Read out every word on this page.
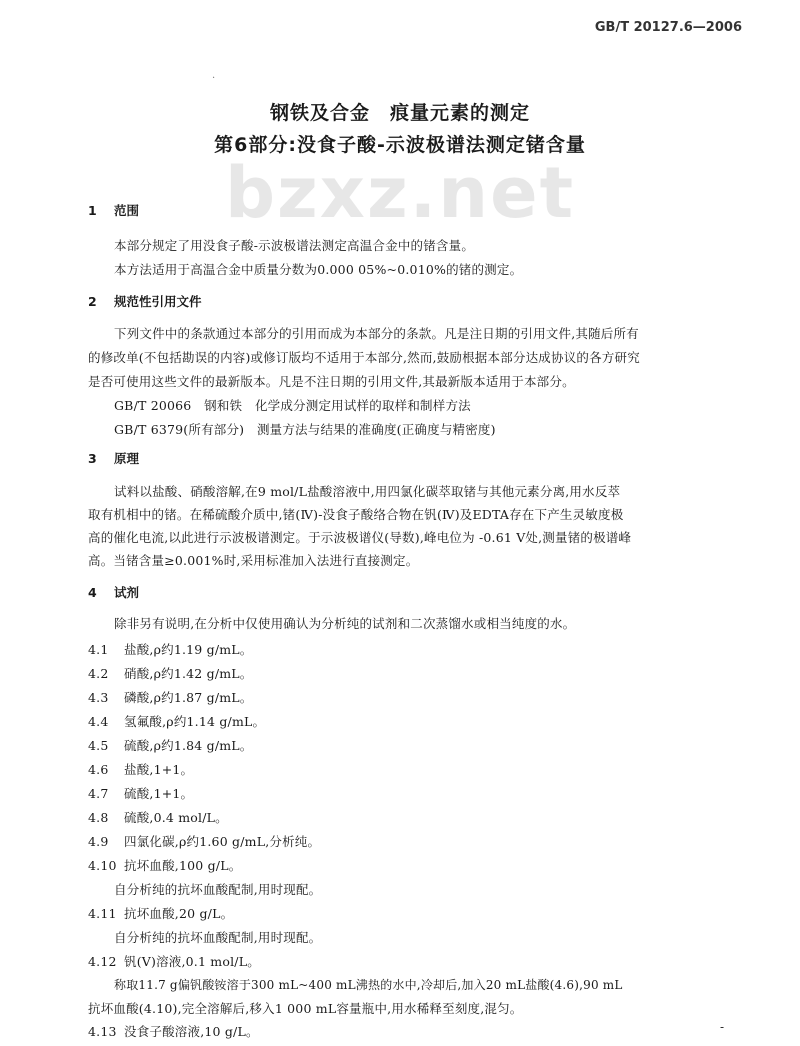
GB/T 20127.6—2006
.
bzxz.net
钢铁及合金　痕量元素的测定
第6部分:没食子酸-示波极谱法测定锗含量
1 范围
本部分规定了用没食子酸-示波极谱法测定高温合金中的锗含量。
本方法适用于高温合金中质量分数为0.000 05%~0.010%的锗的测定。
2 规范性引用文件
下列文件中的条款通过本部分的引用而成为本部分的条款。凡是注日期的引用文件,其随后所有
的修改单(不包括勘误的内容)或修订版均不适用于本部分,然而,鼓励根据本部分达成协议的各方研究
是否可使用这些文件的最新版本。凡是不注日期的引用文件,其最新版本适用于本部分。
GB/T 20066　钢和铁　化学成分测定用试样的取样和制样方法
GB/T 6379(所有部分)　测量方法与结果的准确度(正确度与精密度)
3 原理
试料以盐酸、硝酸溶解,在9 mol/L盐酸溶液中,用四氯化碳萃取锗与其他元素分离,用水反萃
取有机相中的锗。在稀硫酸介质中,锗(Ⅳ)-没食子酸络合物在钒(Ⅳ)及EDTA存在下产生灵敏度极
高的催化电流,以此进行示波极谱测定。于示波极谱仪(导数),峰电位为 -0.61 V处,测量锗的极谱峰
高。当锗含量≥0.001%时,采用标准加入法进行直接测定。
4 试剂
除非另有说明,在分析中仅使用确认为分析纯的试剂和二次蒸馏水或相当纯度的水。
4.1 盐酸,ρ约1.19 g/mL。
4.2 硝酸,ρ约1.42 g/mL。
4.3 磷酸,ρ约1.87 g/mL。
4.4 氢氟酸,ρ约1.14 g/mL。
4.5 硫酸,ρ约1.84 g/mL。
4.6 盐酸,1+1。
4.7 硫酸,1+1。
4.8 硫酸,0.4 mol/L。
4.9 四氯化碳,ρ约1.60 g/mL,分析纯。
4.10 抗坏血酸,100 g/L。
自分析纯的抗坏血酸配制,用时现配。
4.11 抗坏血酸,20 g/L。
自分析纯的抗坏血酸配制,用时现配。
4.12 钒(Ⅴ)溶液,0.1 mol/L。
称取11.7 g偏钒酸铵溶于300 mL~400 mL沸热的水中,冷却后,加入20 mL盐酸(4.6),90 mL
抗坏血酸(4.10),完全溶解后,移入1 000 mL容量瓶中,用水稀释至刻度,混匀。
4.13 没食子酸溶液,10 g/L。	-
